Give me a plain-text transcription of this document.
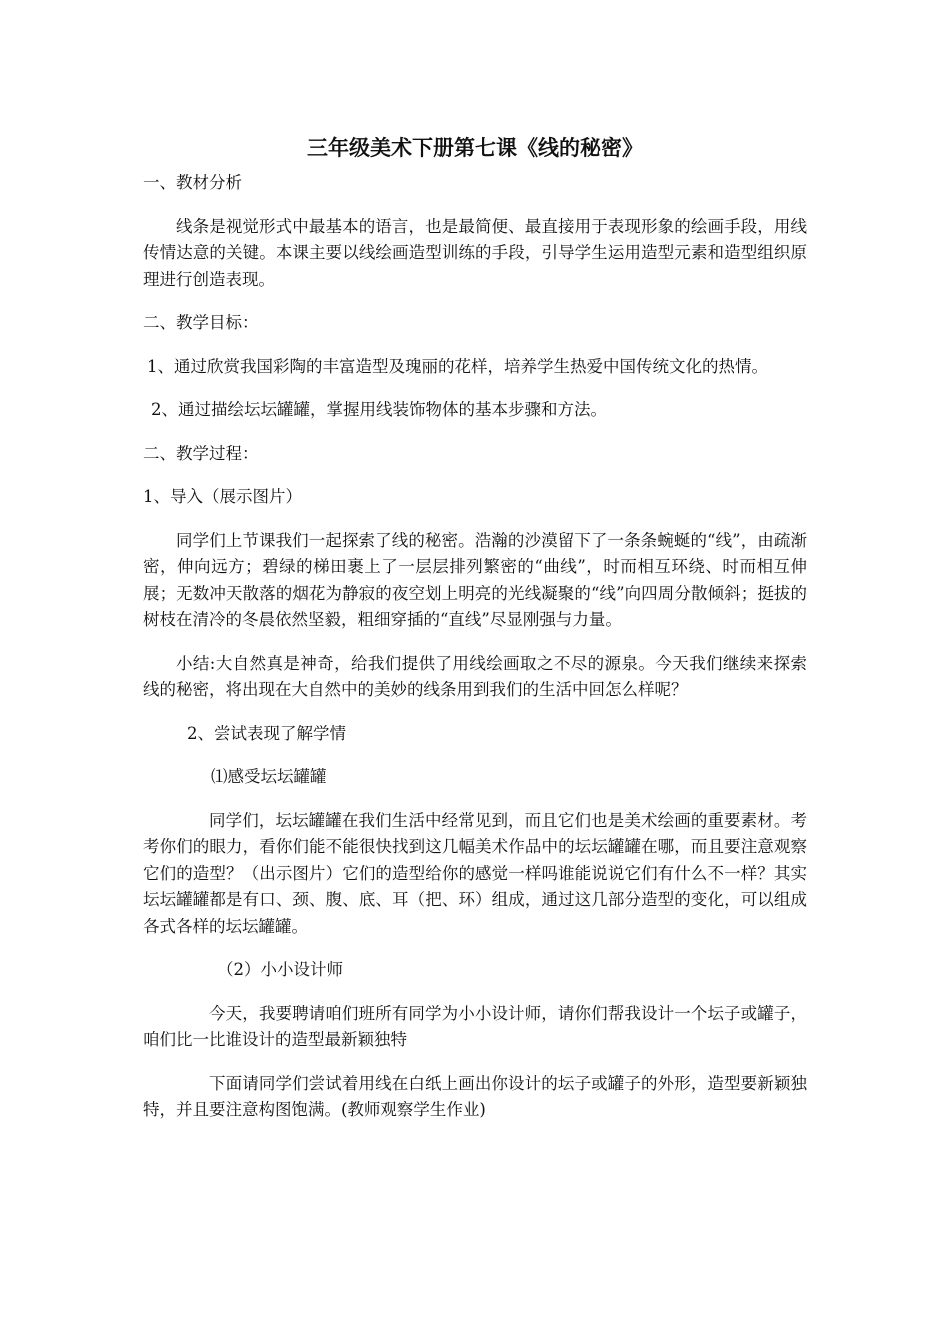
三年级美术下册第七课《线的秘密》

一、教材分析

线条是视觉形式中最基本的语言，也是最简便、最直接用于表现形象的绘画手段，用线传情达意的关键。本课主要以线绘画造型训练的手段，引导学生运用造型元素和造型组织原理进行创造表现。

二、教学目标：

1、通过欣赏我国彩陶的丰富造型及瑰丽的花样，培养学生热爱中国传统文化的热情。

2、通过描绘坛坛罐罐，掌握用线装饰物体的基本步骤和方法。

二、教学过程：

1、导入（展示图片）

同学们上节课我们一起探索了线的秘密。浩瀚的沙漠留下了一条条蜿蜒的“线”，由疏渐密，伸向远方；碧绿的梯田裹上了一层层排列繁密的“曲线”，时而相互环绕、时而相互伸展；无数冲天散落的烟花为静寂的夜空划上明亮的光线凝聚的“线”向四周分散倾斜；挺拔的树枝在清冷的冬晨依然坚毅，粗细穿插的“直线”尽显刚强与力量。

小结:大自然真是神奇，给我们提供了用线绘画取之不尽的源泉。今天我们继续来探索线的秘密，将出现在大自然中的美妙的线条用到我们的生活中回怎么样呢？

2、尝试表现了解学情

⑴感受坛坛罐罐

同学们，坛坛罐罐在我们生活中经常见到，而且它们也是美术绘画的重要素材。考考你们的眼力，看你们能不能很快找到这几幅美术作品中的坛坛罐罐在哪，而且要注意观察它们的造型？（出示图片）它们的造型给你的感觉一样吗谁能说说它们有什么不一样？其实坛坛罐罐都是有口、颈、腹、底、耳（把、环）组成，通过这几部分造型的变化，可以组成各式各样的坛坛罐罐。

（2）小小设计师

今天，我要聘请咱们班所有同学为小小设计师，请你们帮我设计一个坛子或罐子，咱们比一比谁设计的造型最新颖独特

下面请同学们尝试着用线在白纸上画出你设计的坛子或罐子的外形，造型要新颖独特，并且要注意构图饱满。(教师观察学生作业)
